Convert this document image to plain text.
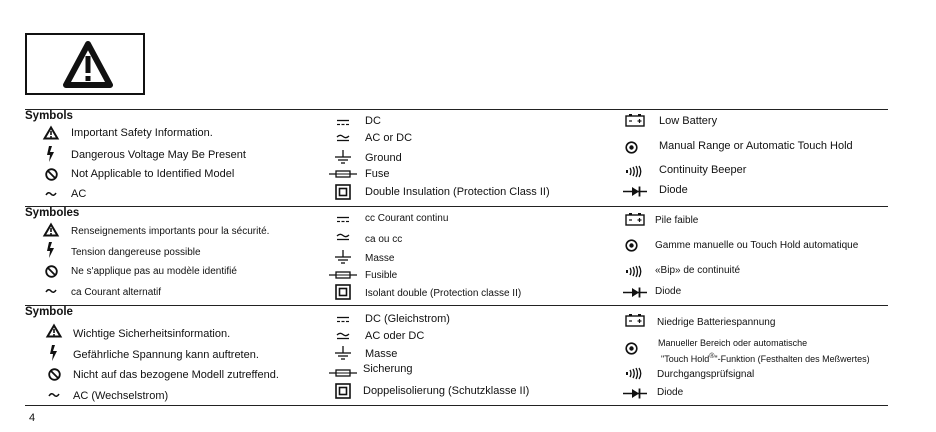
Symbols
Important Safety Information.
Dangerous Voltage May Be Present
Not Applicable to Identified Model
AC
DC
AC or DC
Ground
Fuse
Double Insulation (Protection Class II)
Low Battery
Manual Range or Automatic Touch Hold
Continuity Beeper
Diode
Symboles
Renseignements importants pour la sécurité.
Tension dangereuse possible
Ne s'applique pas au modèle identifié
ca Courant alternatif
cc Courant continu
ca ou cc
Masse
Fusible
Isolant double (Protection classe II)
Pile faible
Gamme manuelle ou Touch Hold automatique
«Bip» de continuité
Diode
Symbole
Wichtige Sicherheitsinformation.
Gefährliche Spannung kann auftreten.
Nicht auf das bezogene Modell zutreffend.
AC (Wechselstrom)
DC (Gleichstrom)
AC oder DC
Masse
Sicherung
Doppelisolierung (Schutzklasse II)
Niedrige Batteriespannung
Manueller Bereich oder automatische
"Touch Hold®"-Funktion (Festhalten des Meßwertes)
Durchgangsprüfsignal
Diode
4
